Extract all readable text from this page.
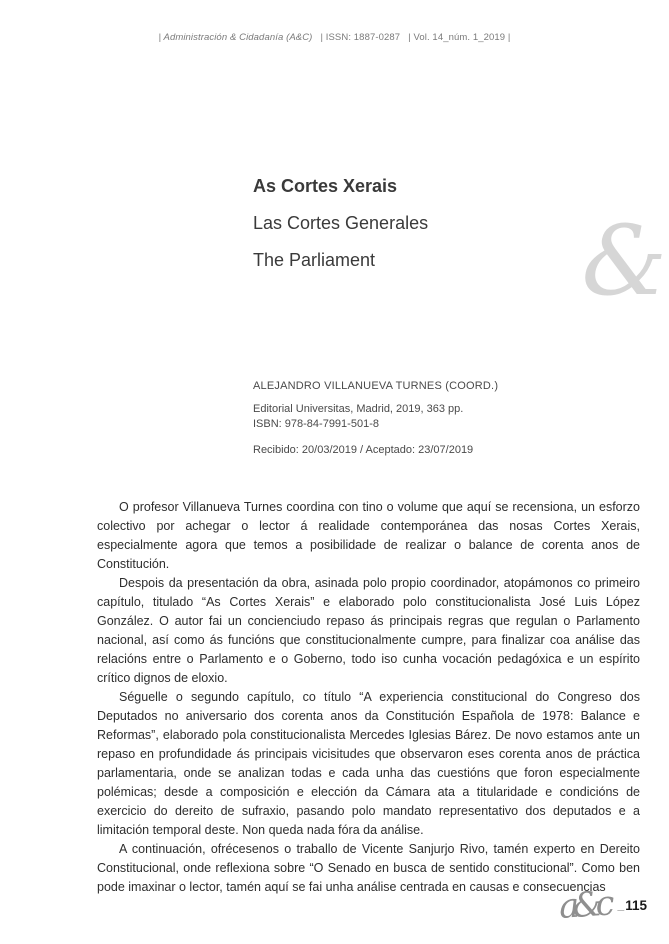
| Administración & Cidadanía (A&C) | ISSN: 1887-0287 | Vol. 14_núm. 1_2019 |
&
As Cortes Xerais
Las Cortes Generales
The Parliament

ALEJANDRO VILLANUEVA TURNES (COORD.)

Editorial Universitas, Madrid, 2019, 363 pp.

ISBN: 978-84-7991-501-8

Recibido: 20/03/2019 / Aceptado: 23/07/2019

O profesor Villanueva Turnes coordina con tino o volume que aquí se recensiona, un esforzo colectivo por achegar o lector á realidade contemporánea das nosas Cortes Xerais, especialmente agora que temos a posibilidade de realizar o balance de corenta anos de Constitución.

Despois da presentación da obra, asinada polo propio coordinador, atopámonos co primeiro capítulo, titulado “As Cortes Xerais” e elaborado polo constitucionalista José Luis López González. O autor fai un concienciudo repaso ás principais regras que regulan o Parlamento nacional, así como ás funcións que constitucionalmente cumpre, para finalizar coa análise das relacións entre o Parlamento e o Goberno, todo iso cunha vocación pedagóxica e un espírito crítico dignos de eloxio.

Séguelle o segundo capítulo, co título “A experiencia constitucional do Congreso dos Deputados no aniversario dos corenta anos da Constitución Española de 1978: Balance e Reformas”, elaborado pola constitucionalista Mercedes Iglesias Bárez. De novo estamos ante un repaso en profundidade ás principais vicisitudes que observaron eses corenta anos de práctica parlamentaria, onde se analizan todas e cada unha das cuestións que foron especialmente polémicas; desde a composición e elección da Cámara ata a titularidade e condicións de exercicio do dereito de sufraxio, pasando polo mandato representativo dos deputados e a limitación temporal deste. Non queda nada fóra da análise.

A continuación, ofrécesenos o traballo de Vicente Sanjurjo Rivo, tamén experto en Dereito Constitucional, onde reflexiona sobre “O Senado en busca de sentido constitucional”. Como ben pode imaxinar o lector, tamén aquí se fai unha análise centrada en causas e consecuencias

a&c _ 115
